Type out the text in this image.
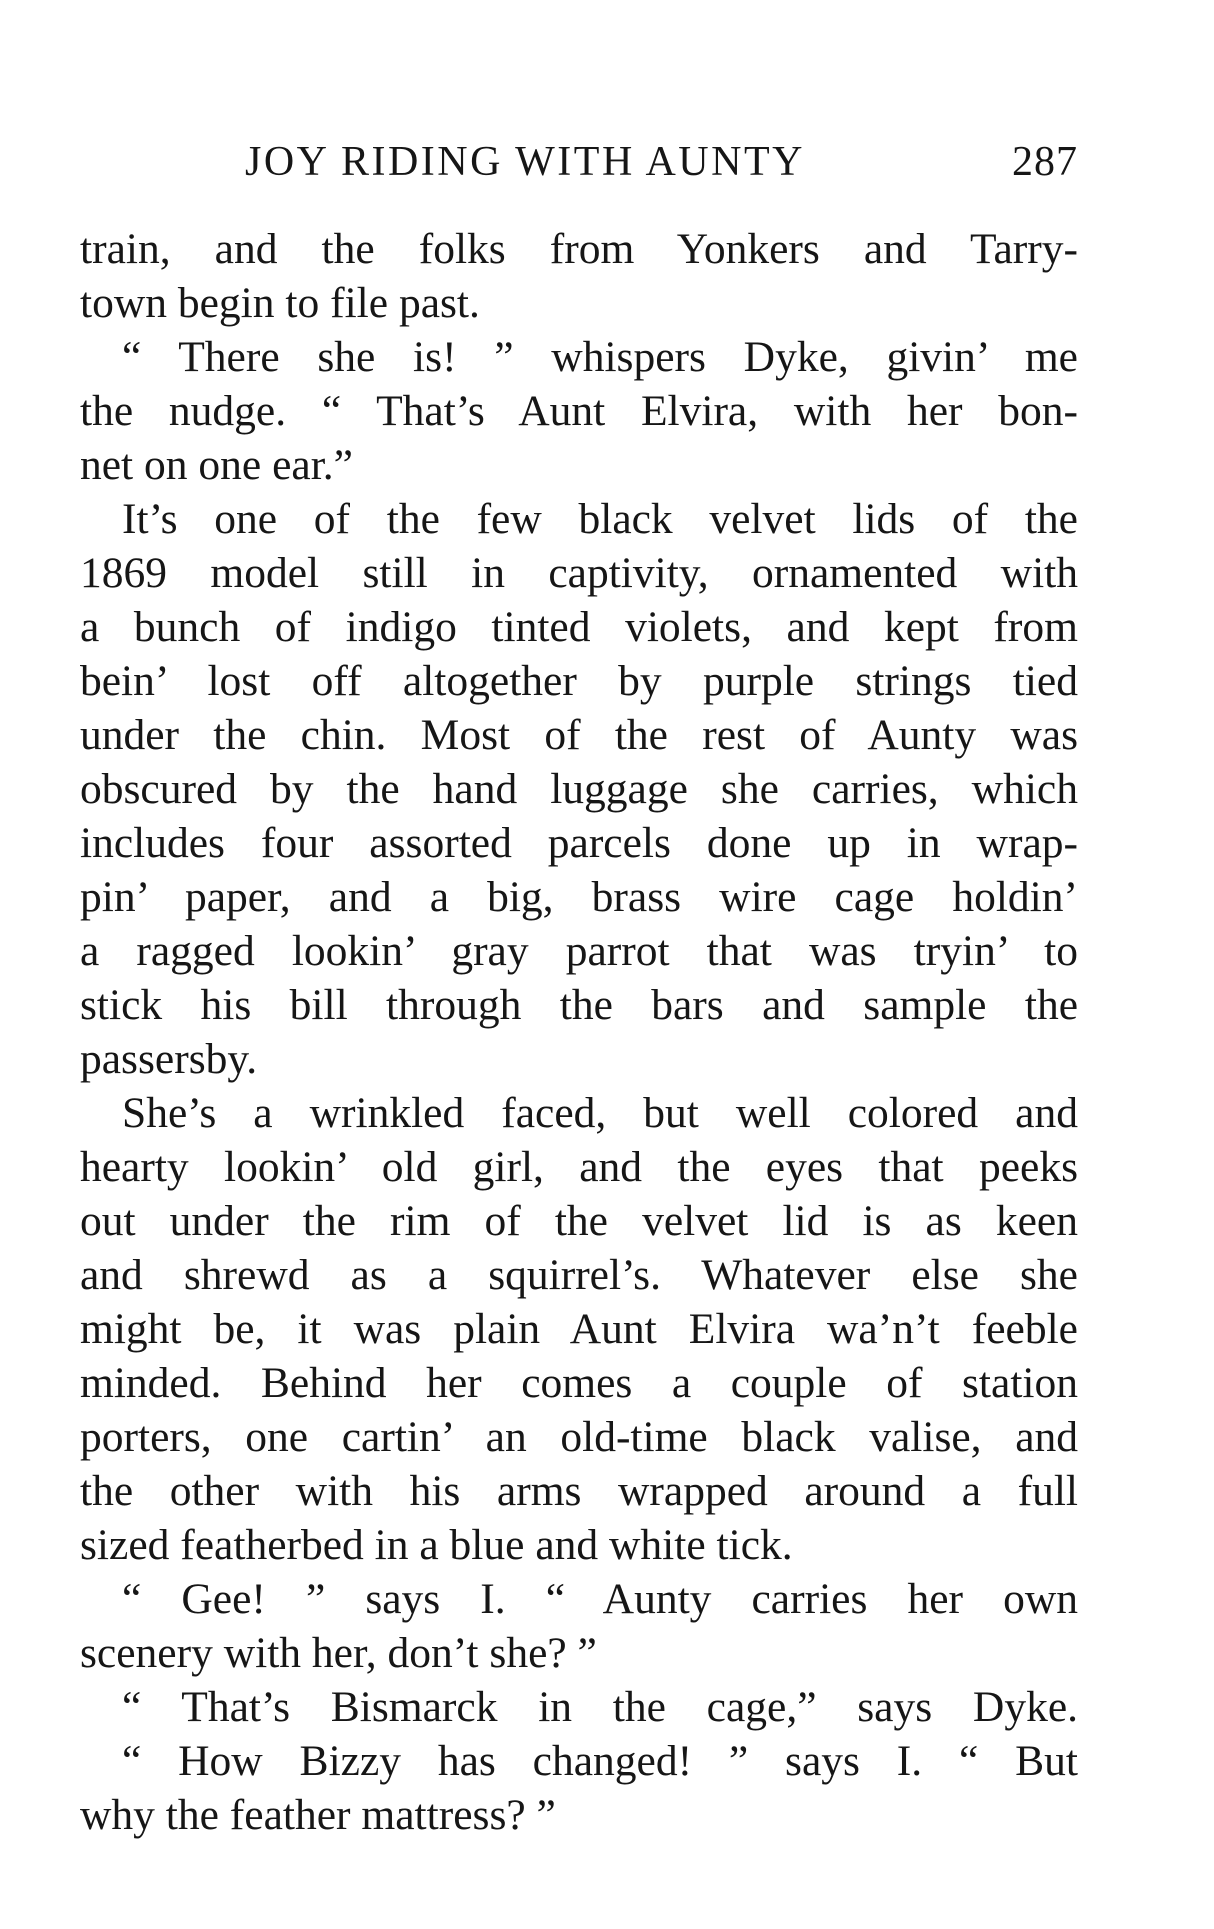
JOY RIDING WITH AUNTY	287
train, and the folks from Yonkers and Tarry-
town begin to file past.
“ There she is! ” whispers Dyke, givin’ me
the nudge. “ That’s Aunt Elvira, with her bon-
net on one ear.”
It’s one of the few black velvet lids of the
1869 model still in captivity, ornamented with
a bunch of indigo tinted violets, and kept from
bein’ lost off altogether by purple strings tied
under the chin. Most of the rest of Aunty was
obscured by the hand luggage she carries, which
includes four assorted parcels done up in wrap-
pin’ paper, and a big, brass wire cage holdin’
a ragged lookin’ gray parrot that was tryin’ to
stick his bill through the bars and sample the
passersby.
She’s a wrinkled faced, but well colored and
hearty lookin’ old girl, and the eyes that peeks
out under the rim of the velvet lid is as keen
and shrewd as a squirrel’s. Whatever else she
might be, it was plain Aunt Elvira wa’n’t feeble
minded. Behind her comes a couple of station
porters, one cartin’ an old-time black valise, and
the other with his arms wrapped around a full
sized featherbed in a blue and white tick.
“ Gee! ” says I. “ Aunty carries her own
scenery with her, don’t she? ”
“ That’s Bismarck in the cage,” says Dyke.
“ How Bizzy has changed! ” says I. “ But
why the feather mattress? ”
